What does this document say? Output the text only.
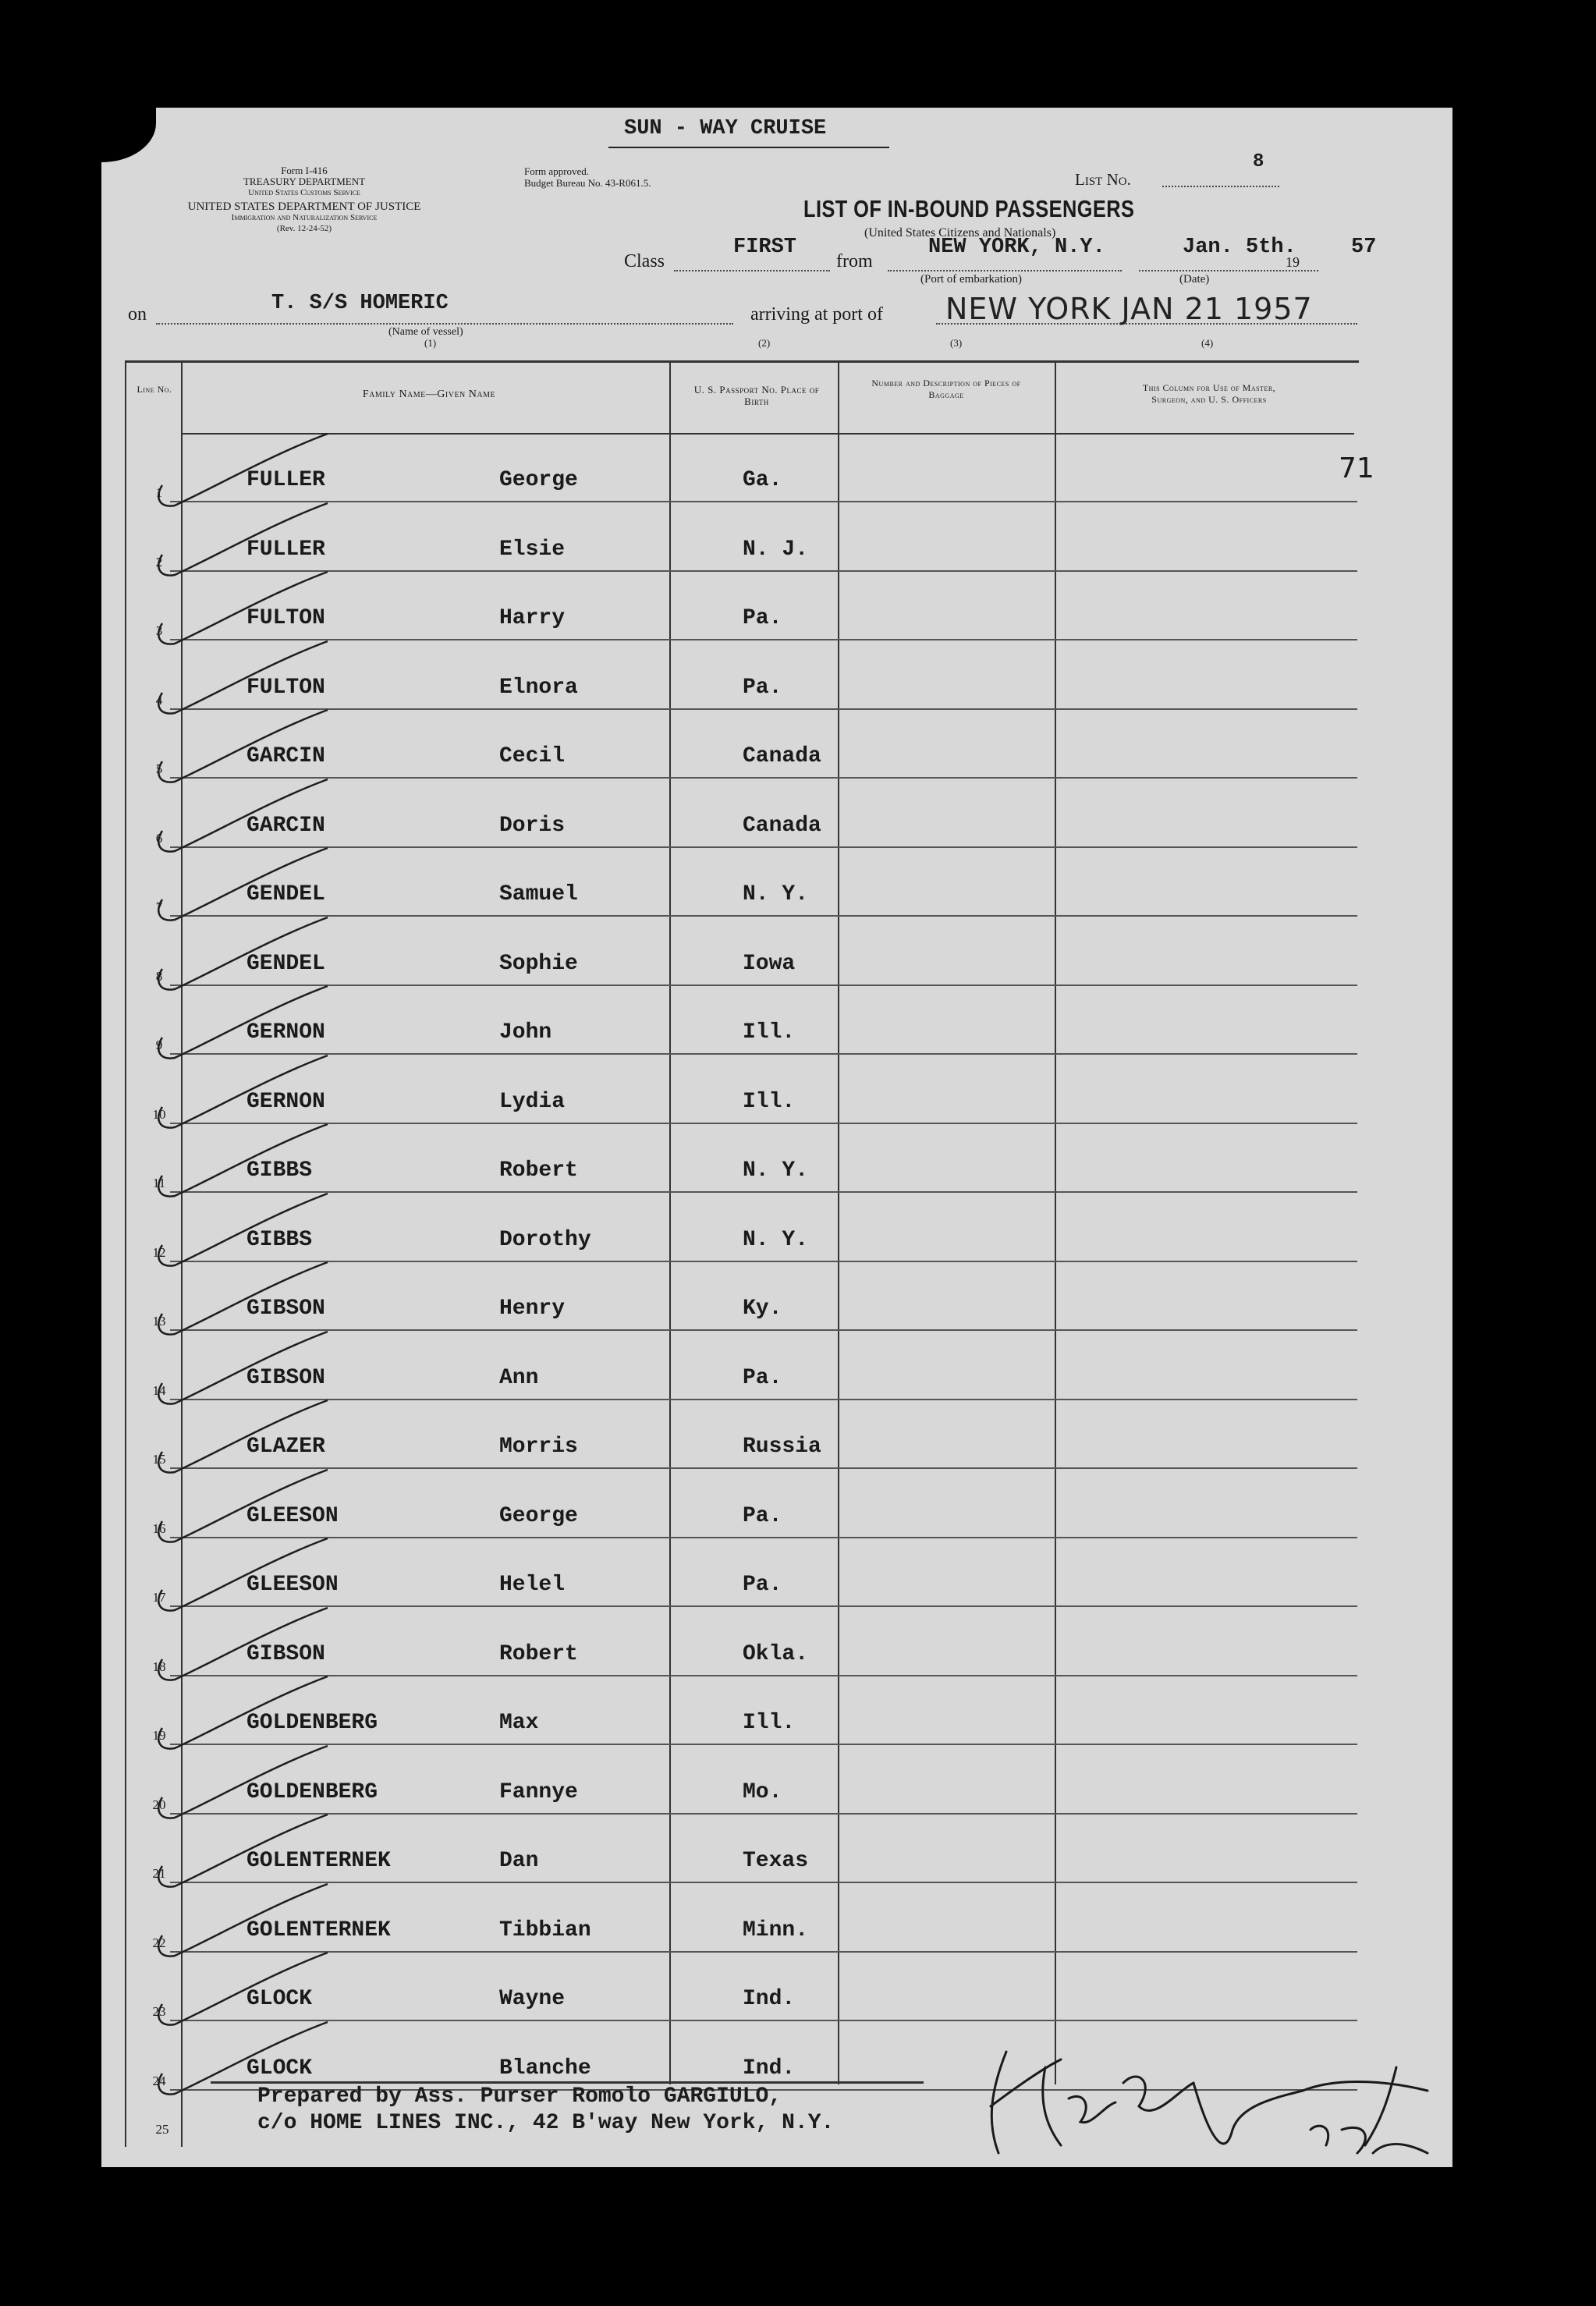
SUN - WAY CRUISE
Form I-416
TREASURY DEPARTMENT
United States Customs Service
UNITED STATES DEPARTMENT OF JUSTICE
Immigration and Naturalization Service
(Rev. 12-24-52)
Form approved.
Budget Bureau No. 43-R061.5.	List No.
8
LIST OF IN-BOUND PASSENGERS
(United States Citizens and Nationals)
Class
FIRST
from
NEW YORK, N.Y.	Jan. 5th.
19
57
(Port of embarkation)	(Date)
on	T. S/S HOMERIC
(Name of vessel)
arriving at port of NEW YORK JAN 21 1957
(1)	(2)	(3)	(4)
Line No.	Family Name—Given Name	U. S. Passport No. Place of Birth
Number and Description of Pieces of Baggage
This Column for Use of Master, Surgeon, and U. S. Officers
71
1
FULLER	George	Ga.
2
FULLER	Elsie	N. J.
3
FULTON	Harry	Pa.
4
FULTON	Elnora	Pa.
5
GARCIN	Cecil	Canada
6
GARCIN	Doris	Canada
7
GENDEL	Samuel	N. Y.
8
GENDEL	Sophie	Iowa
9
GERNON	John	Ill.
10
GERNON	Lydia	Ill.
11
GIBBS	Robert	N. Y.
12
GIBBS	Dorothy	N. Y.
13
GIBSON	Henry	Ky.
14
GIBSON	Ann	Pa.
15
GLAZER	Morris	Russia
16
GLEESON	George	Pa.
17
GLEESON	Helel	Pa.
18
GIBSON	Robert	Okla.
19
GOLDENBERG	Max	Ill.
20
GOLDENBERG	Fannye	Mo.
21
GOLENTERNEK	Dan	Texas
22
GOLENTERNEK	Tibbian	Minn.
23
GLOCK	Wayne	Ind.
24
GLOCK	Blanche	Ind.
25
Prepared by Ass. Purser Romolo GARGIULO,
c/o HOME LINES INC., 42 B'way New York, N.Y.
